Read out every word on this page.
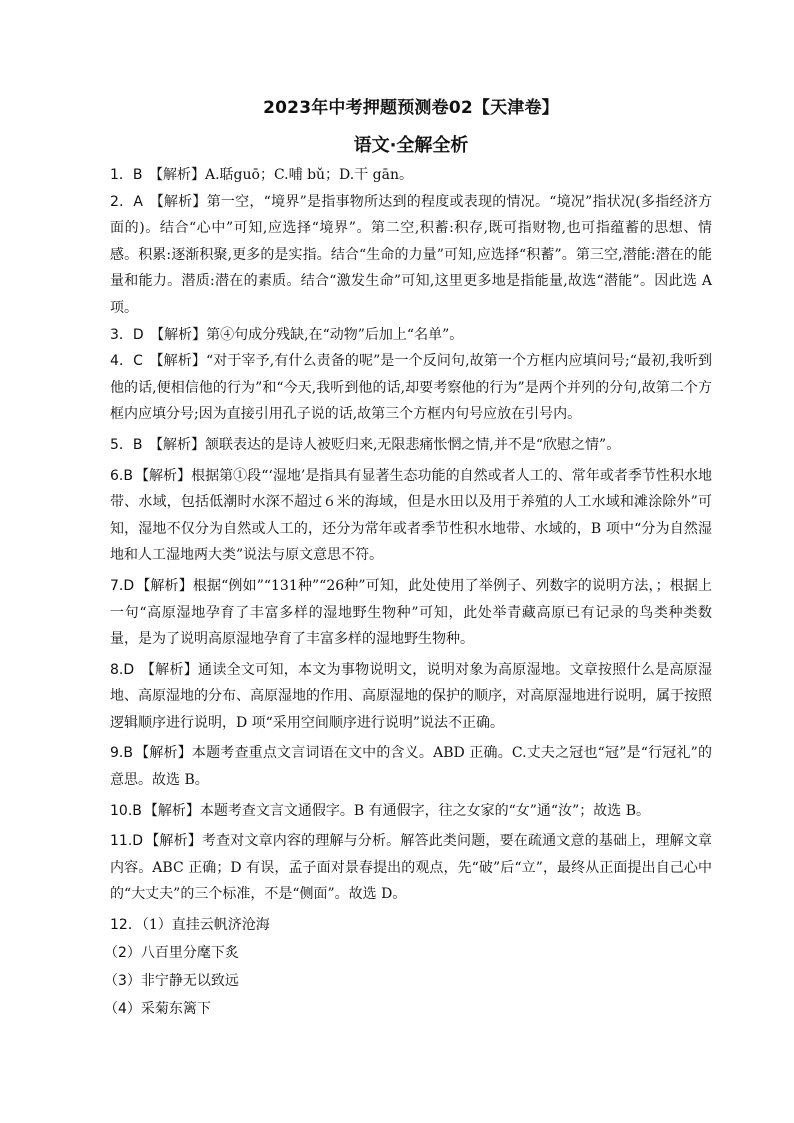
2023年中考押题预测卷02【天津卷】
语文·全解全析

1．B 【解析】A.聒guō；C.哺 bǔ；D.干 gān。

2．A 【解析】第一空，“境界”是指事物所达到的程度或表现的情况。“境况”指状况(多指经济方面的)。结合“心中”可知,应选择“境界”。第二空,积蓄:积存,既可指财物,也可指蕴蓄的思想、情感。积累:逐渐积聚,更多的是实指。结合“生命的力量”可知,应选择“积蓄”。第三空,潜能:潜在的能量和能力。潜质:潜在的素质。结合“激发生命”可知,这里更多地是指能量,故选“潜能”。因此选 A项。

3．D 【解析】第④句成分残缺,在“动物”后加上“名单”。

4．C 【解析】“对于宰予,有什么责备的呢”是一个反问句,故第一个方框内应填问号;“最初,我听到他的话,便相信他的行为”和“今天,我听到他的话,却要考察他的行为”是两个并列的分句,故第二个方框内应填分号;因为直接引用孔子说的话,故第三个方框内句号应放在引号内。

5．B 【解析】颔联表达的是诗人被贬归来,无限悲痛怅惘之情,并不是“欣慰之情”。

6.B 【解析】根据第①段“‘湿地’是指具有显著生态功能的自然或者人工的、常年或者季节性积水地带、水域，包括低潮时水深不超过６米的海域，但是水田以及用于养殖的人工水域和滩涂除外”可知，湿地不仅分为自然或人工的，还分为常年或者季节性积水地带、水域的，B 项中“分为自然湿地和人工湿地两大类”说法与原文意思不符。

7.D 【解析】根据“例如”“131种”“26种”可知，此处使用了举例子、列数字的说明方法，；根据上一句“高原湿地孕育了丰富多样的湿地野生物种”可知，此处举青藏高原已有记录的鸟类种类数量，是为了说明高原湿地孕育了丰富多样的湿地野生物种。

8.D 【解析】通读全文可知，本文为事物说明文，说明对象为高原湿地。文章按照什么是高原湿地、高原湿地的分布、高原湿地的作用、高原湿地的保护的顺序，对高原湿地进行说明，属于按照逻辑顺序进行说明，D 项“采用空间顺序进行说明”说法不正确。

9.B 【解析】本题考查重点文言词语在文中的含义。ABD 正确。C.丈夫之冠也“冠”是“行冠礼”的意思。故选 B。

10.B 【解析】本题考查文言文通假字。B 有通假字，往之女家的“女”通“汝”；故选 B。

11.D 【解析】考查对文章内容的理解与分析。解答此类问题，要在疏通文意的基础上，理解文章内容。ABC 正确；D 有误，孟子面对景春提出的观点，先“破”后“立”，最终从正面提出自己心中的“大丈夫”的三个标准，不是“侧面”。故选 D。

12．（1）直挂云帆济沧海

（2）八百里分麾下炙

（3）非宁静无以致远

（4）采菊东篱下
